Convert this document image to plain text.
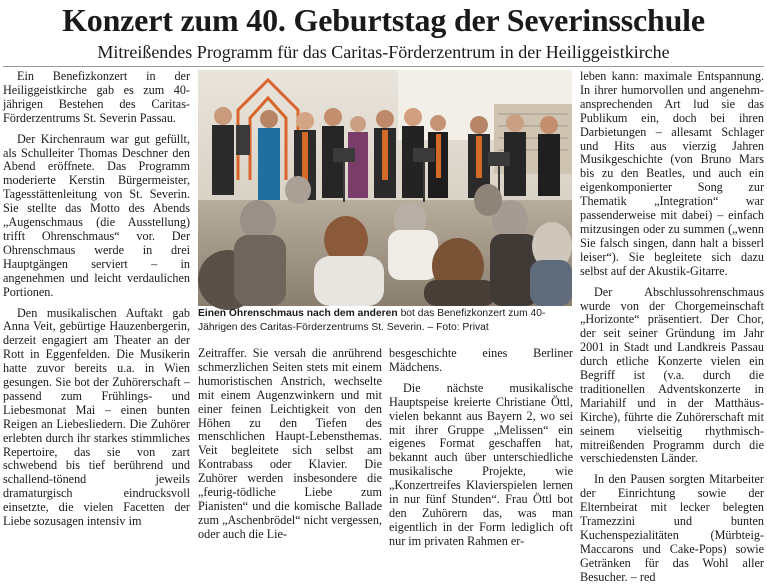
Konzert zum 40. Geburtstag der Severinsschule
Mitreißendes Programm für das Caritas-Förderzentrum in der Heiliggeistkirche

Ein Benefizkonzert in der Heiliggeistkirche gab es zum 40-jährigen Bestehen des Caritas-Förderzentrums St. Severin Passau.

Der Kirchenraum war gut gefüllt, als Schulleiter Thomas Deschner den Abend eröffnete. Das Programm moderierte Kerstin Bürgermeister, Tagesstättenleitung von St. Severin. Sie stellte das Motto des Abends „Augenschmaus (die Ausstellung) trifft Ohrenschmaus“ vor. Der Ohrenschmaus werde in drei Hauptgängen serviert – in angenehmen und leicht verdaulichen Portionen.

Den musikalischen Auftakt gab Anna Veit, gebürtige Hauzenbergerin, derzeit engagiert am Theater an der Rott in Eggenfelden. Die Musikerin hatte zuvor bereits u.a. in Wien gesungen. Sie bot der Zuhörerschaft – passend zum Frühlings- und Liebesmonat Mai – einen bunten Reigen an Liebesliedern. Die Zuhörer erlebten durch ihr starkes stimmliches Repertoire, das sie von zart schwebend bis tief berührend und schallend-tönend jeweils dramaturgisch eindrucksvoll einsetzte, die vielen Facetten der Liebe sozusagen intensiv im

Einen Ohrenschmaus nach dem anderen bot das Benefizkonzert zum 40-Jährigen des Caritas-Förderzentrums St. Severin. – Foto: Privat

Zeitraffer. Sie versah die anrührend schmerzlichen Seiten stets mit einem humoristischen Anstrich, wechselte mit einem Augenzwinkern und mit einer feinen Leichtigkeit von den Höhen zu den Tiefen des menschlichen Haupt-Lebensthemas. Veit begleitete sich selbst am Kontrabass oder Klavier. Die Zuhörer werden insbesondere die „feurig-tödliche Liebe zum Pianisten“ und die komische Ballade zum „Aschenbrödel“ nicht vergessen, oder auch die Lie-

besgeschichte eines Berliner Mädchens.

Die nächste musikalische Hauptspeise kreierte Christiane Öttl, vielen bekannt aus Bayern 2, wo sei mit ihrer Gruppe „Melissen“ ein eigenes Format geschaffen hat, bekannt auch über unterschiedliche musikalische Projekte, wie „Konzertreifes Klavierspielen lernen in nur fünf Stunden“. Frau Öttl bot den Zuhörern das, was man eigentlich in der Form lediglich oft nur im privaten Rahmen er-

leben kann: maximale Entspannung. In ihrer humorvollen und angenehm-ansprechenden Art lud sie das Publikum ein, doch bei ihren Darbietungen – allesamt Schlager und Hits aus vierzig Jahren Musikgeschichte (von Bruno Mars bis zu den Beatles, und auch ein eigenkomponierter Song zur Thematik „Integration“ war passenderweise mit dabei) – einfach mitzusingen oder zu summen („wenn Sie falsch singen, dann halt a bisserl leiser“). Sie begleitete sich dazu selbst auf der Akustik-Gitarre.

Der Abschlussohrenschmaus wurde von der Chorgemeinschaft „Horizonte“ präsentiert. Der Chor, der seit seiner Gründung im Jahr 2001 in Stadt und Landkreis Passau durch etliche Konzerte vielen ein Begriff ist (v.a. durch die traditionellen Adventskonzerte in Mariahilf und in der Matthäus-Kirche), führte die Zuhörerschaft mit seinem vielseitig rhythmisch-mitreißenden Programm durch die verschiedensten Länder.

In den Pausen sorgten Mitarbeiter der Einrichtung sowie der Elternbeirat mit lecker belegten Tramezzini und bunten Kuchenspezialitäten (Mürbteig-Maccarons und Cake-Pops) sowie Getränken für das Wohl aller Besucher. – red
